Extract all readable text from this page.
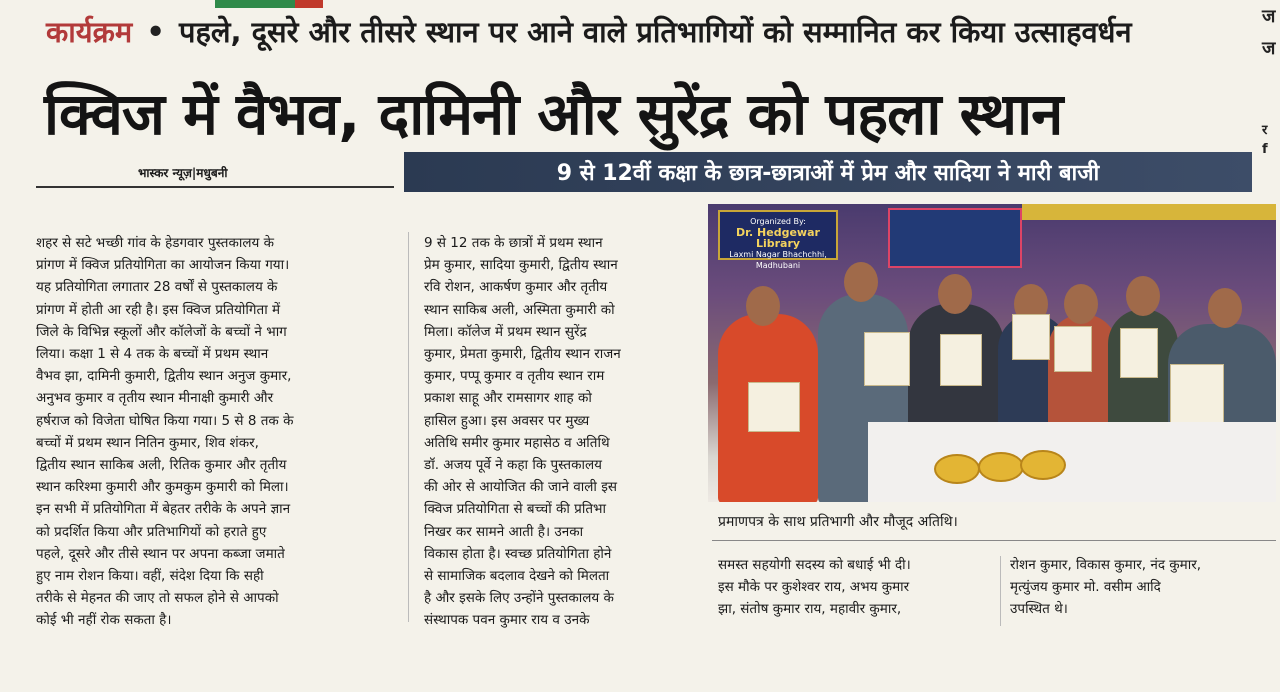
कार्यक्रम • पहले, दूसरे और तीसरे स्थान पर आने वाले प्रतिभागियों को सम्मानित कर किया उत्साहवर्धन
क्विज में वैभव, दामिनी और सुरेंद्र को पहला स्थान
भास्कर न्यूज़|मधुबनी	9 से 12वीं कक्षा के छात्र-छात्राओं में प्रेम और सादिया ने मारी बाजी

शहर से सटे भच्छी गांव के हेडगवार पुस्तकालय के

प्रांगण में क्विज प्रतियोगिता का आयोजन किया गया।

यह प्रतियोगिता लगातार 28 वर्षों से पुस्तकालय के

प्रांगण में होती आ रही है। इस क्विज प्रतियोगिता में

जिले के विभिन्न स्कूलों और कॉलेजों के बच्चों ने भाग

लिया। कक्षा 1 से 4 तक के बच्चों में प्रथम स्थान

वैभव झा, दामिनी कुमारी, द्वितीय स्थान अनुज कुमार,

अनुभव कुमार व तृतीय स्थान मीनाक्षी कुमारी और

हर्षराज को विजेता घोषित किया गया। 5 से 8 तक के

बच्चों में प्रथम स्थान नितिन कुमार, शिव शंकर,

द्वितीय स्थान साकिब अली, रितिक कुमार और तृतीय

स्थान करिश्मा कुमारी और कुमकुम कुमारी को मिला।

इन सभी में प्रतियोगिता में बेहतर तरीके के अपने ज्ञान

को प्रदर्शित किया और प्रतिभागियों को हराते हुए

पहले, दूसरे और तीसे स्थान पर अपना कब्जा जमाते

हुए नाम रोशन किया। वहीं, संदेश दिया कि सही

तरीके से मेहनत की जाए तो सफल होने से आपको

कोई भी नहीं रोक सकता है।

9 से 12 तक के छात्रों में प्रथम स्थान

प्रेम कुमार, सादिया कुमारी, द्वितीय स्थान

रवि रोशन, आकर्षण कुमार और तृतीय

स्थान साकिब अली, अस्मिता कुमारी को

मिला। कॉलेज में प्रथम स्थान सुरेंद्र

कुमार, प्रेमता कुमारी, द्वितीय स्थान राजन

कुमार, पप्पू कुमार व तृतीय स्थान राम

प्रकाश साहू और रामसागर शाह को

हासिल हुआ। इस अवसर पर मुख्य

अतिथि समीर कुमार महासेठ व अतिथि

डॉ. अजय पूर्वे ने कहा कि पुस्तकालय

की ओर से आयोजित की जाने वाली इस

क्विज प्रतियोगिता से बच्चों की प्रतिभा

निखर कर सामने आती है। उनका

विकास होता है। स्वच्छ प्रतियोगिता होने

से सामाजिक बदलाव देखने को मिलता

है और इसके लिए उन्होंने पुस्तकालय के

संस्थापक पवन कुमार राय व उनके

Organized By:
Dr. Hedgewar Library
Laxmi Nagar Bhachchhi, Madhubani
प्रमाणपत्र के साथ प्रतिभागी और मौजूद अतिथि।

समस्त सहयोगी सदस्य को बधाई भी दी।

इस मौके पर कुशेश्वर राय, अभय कुमार

झा, संतोष कुमार राय, महावीर कुमार,

रोशन कुमार, विकास कुमार, नंद कुमार,

मृत्युंजय कुमार मो. वसीम आदि

उपस्थित थे।

ज
ज
र
f
